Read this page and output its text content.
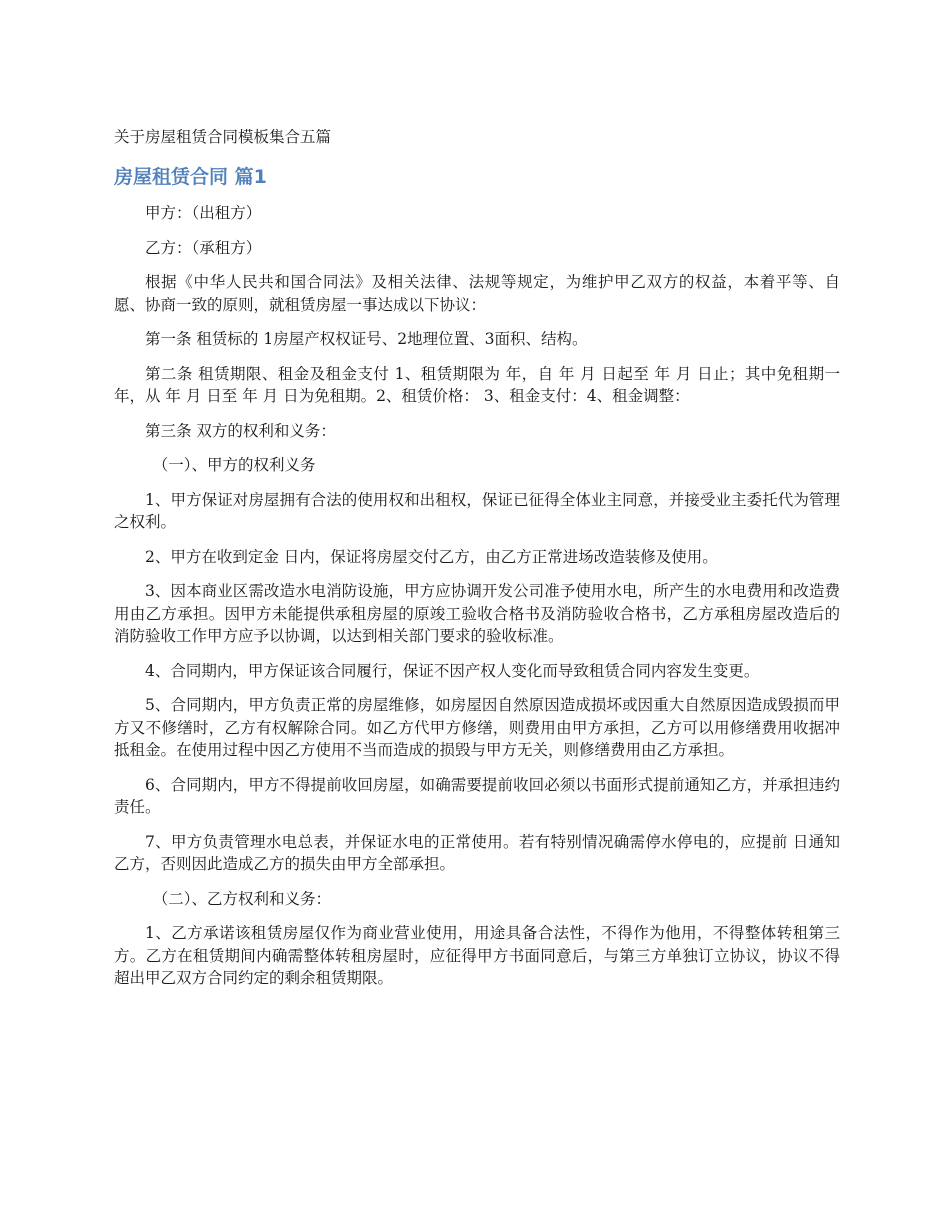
关于房屋租赁合同模板集合五篇
房屋租赁合同 篇1

甲方：（出租方）

乙方：（承租方）

根据《中华人民共和国合同法》及相关法律、法规等规定，为维护甲乙双方的权益，本着平等、自愿、协商一致的原则，就租赁房屋一事达成以下协议：

第一条 租赁标的 1房屋产权权证号、2地理位置、3面积、结构。

第二条 租赁期限、租金及租金支付 1、租赁期限为 年，自 年 月 日起至 年 月 日止；其中免租期一年，从 年 月 日至 年 月 日为免租期。2、租赁价格： 3、租金支付：4、租金调整：

第三条 双方的权利和义务：

（一）、甲方的权利义务

1、甲方保证对房屋拥有合法的使用权和出租权，保证已征得全体业主同意，并接受业主委托代为管理之权利。

2、甲方在收到定金 日内，保证将房屋交付乙方，由乙方正常进场改造装修及使用。

3、因本商业区需改造水电消防设施，甲方应协调开发公司准予使用水电，所产生的水电费用和改造费用由乙方承担。因甲方未能提供承租房屋的原竣工验收合格书及消防验收合格书，乙方承租房屋改造后的消防验收工作甲方应予以协调，以达到相关部门要求的验收标准。

4、合同期内，甲方保证该合同履行，保证不因产权人变化而导致租赁合同内容发生变更。

5、合同期内，甲方负责正常的房屋维修，如房屋因自然原因造成损坏或因重大自然原因造成毁损而甲方又不修缮时，乙方有权解除合同。如乙方代甲方修缮，则费用由甲方承担，乙方可以用修缮费用收据冲抵租金。在使用过程中因乙方使用不当而造成的损毁与甲方无关，则修缮费用由乙方承担。

6、合同期内，甲方不得提前收回房屋，如确需要提前收回必须以书面形式提前通知乙方，并承担违约责任。

7、甲方负责管理水电总表，并保证水电的正常使用。若有特别情况确需停水停电的，应提前 日通知乙方，否则因此造成乙方的损失由甲方全部承担。

（二）、乙方权利和义务：

1、乙方承诺该租赁房屋仅作为商业营业使用，用途具备合法性，不得作为他用，不得整体转租第三方。乙方在租赁期间内确需整体转租房屋时，应征得甲方书面同意后，与第三方单独订立协议，协议不得超出甲乙双方合同约定的剩余租赁期限。
